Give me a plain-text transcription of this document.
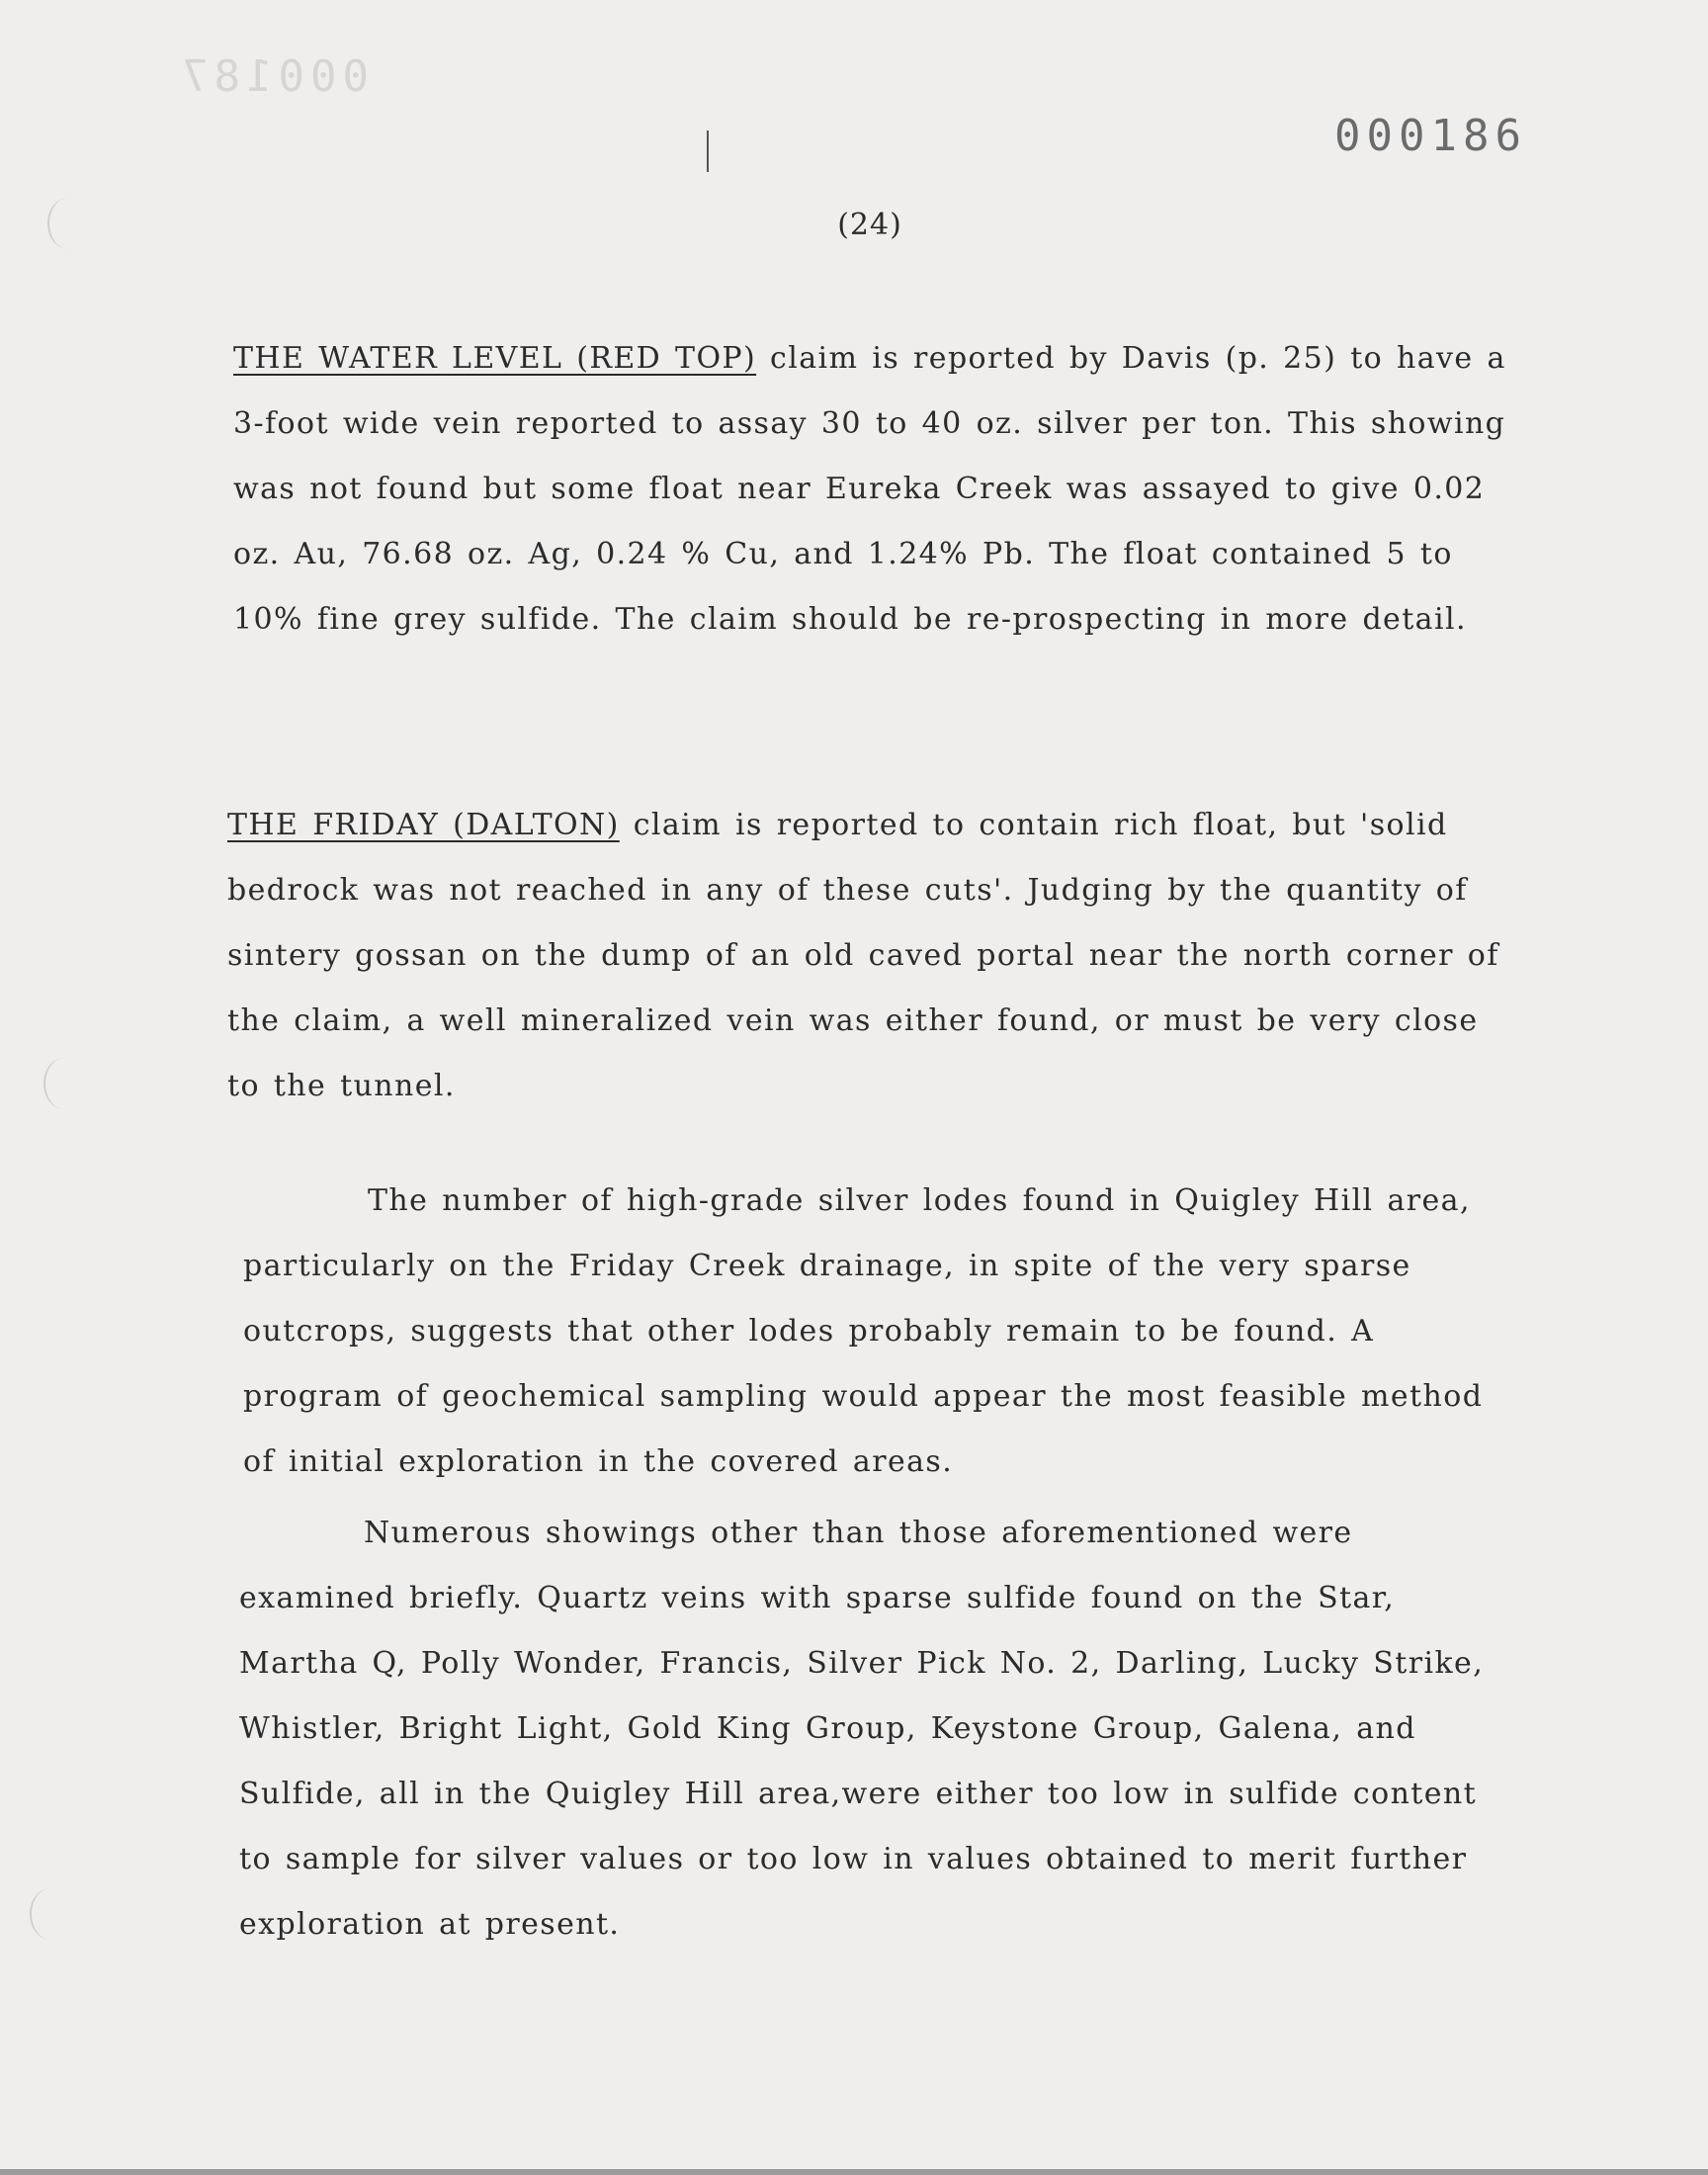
000187
000186
(24)

THE WATER LEVEL (RED TOP) claim is reported by Davis (p. 25) to have a 3-foot wide vein reported to assay 30 to 40 oz. silver per ton. This showing was not found but some float near Eureka Creek was assayed to give 0.02 oz. Au, 76.68 oz. Ag, 0.24 % Cu, and 1.24% Pb. The float contained 5 to 10% fine grey sulfide. The claim should be re-prospecting in more detail.

THE FRIDAY (DALTON) claim is reported to contain rich float, but 'solid bedrock was not reached in any of these cuts'. Judging by the quantity of sintery gossan on the dump of an old caved portal near the north corner of the claim, a well mineralized vein was either found, or must be very close to the tunnel.

The number of high-grade silver lodes found in Quigley Hill area, particularly on the Friday Creek drainage, in spite of the very sparse outcrops, suggests that other lodes probably remain to be found. A program of geochemical sampling would appear the most feasible method of initial exploration in the covered areas.

Numerous showings other than those aforementioned were examined briefly. Quartz veins with sparse sulfide found on the Star, Martha Q, Polly Wonder, Francis, Silver Pick No. 2, Darling, Lucky Strike, Whistler, Bright Light, Gold King Group, Keystone Group, Galena, and Sulfide, all in the Quigley Hill area,were either too low in sulfide content to sample for silver values or too low in values obtained to merit further exploration at present.
